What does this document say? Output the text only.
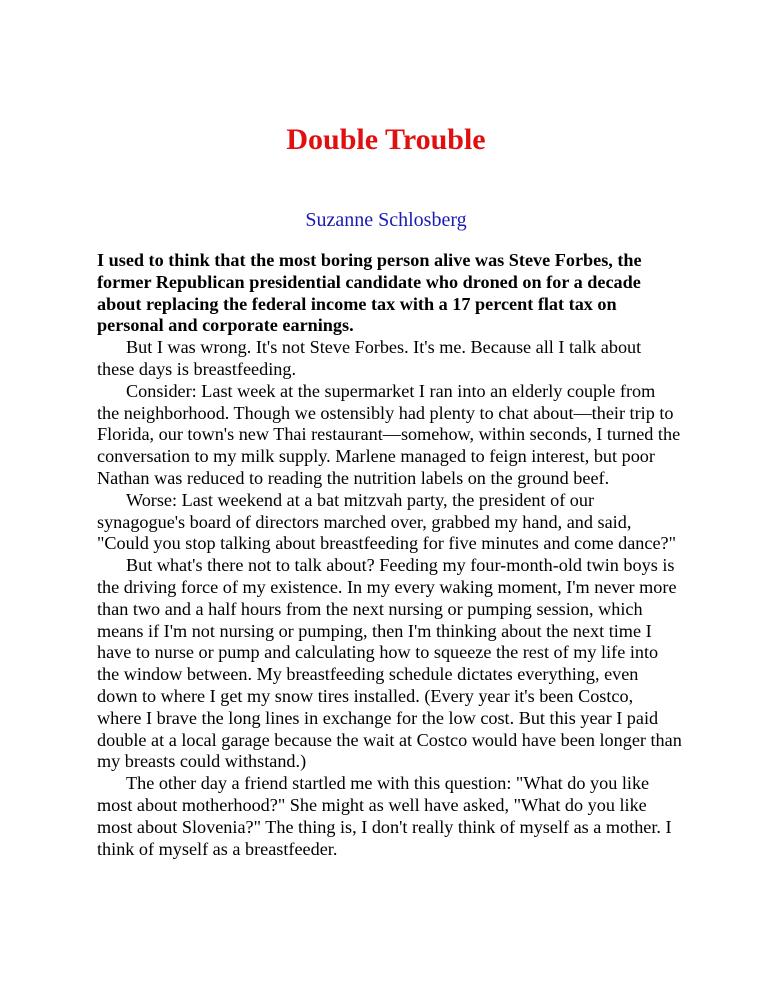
Double Trouble
Suzanne Schlosberg

I used to think that the most boring person alive was Steve Forbes, the former Republican presidential candidate who droned on for a decade about replacing the federal income tax with a 17 percent flat tax on personal and corporate earnings.

But I was wrong. It's not Steve Forbes. It's me. Because all I talk about these days is breastfeeding.

Consider: Last week at the supermarket I ran into an elderly couple from the neighborhood. Though we ostensibly had plenty to chat about—their trip to Florida, our town's new Thai restaurant—somehow, within seconds, I turned the conversation to my milk supply. Marlene managed to feign interest, but poor Nathan was reduced to reading the nutrition labels on the ground beef.

Worse: Last weekend at a bat mitzvah party, the president of our synagogue's board of directors marched over, grabbed my hand, and said, "Could you stop talking about breastfeeding for five minutes and come dance?"

But what's there not to talk about? Feeding my four-month-old twin boys is the driving force of my existence. In my every waking moment, I'm never more than two and a half hours from the next nursing or pumping session, which means if I'm not nursing or pumping, then I'm thinking about the next time I have to nurse or pump and calculating how to squeeze the rest of my life into the window between. My breastfeeding schedule dictates everything, even down to where I get my snow tires installed. (Every year it's been Costco, where I brave the long lines in exchange for the low cost. But this year I paid double at a local garage because the wait at Costco would have been longer than my breasts could withstand.)

The other day a friend startled me with this question: "What do you like most about motherhood?" She might as well have asked, "What do you like most about Slovenia?" The thing is, I don't really think of myself as a mother. I think of myself as a breastfeeder.
